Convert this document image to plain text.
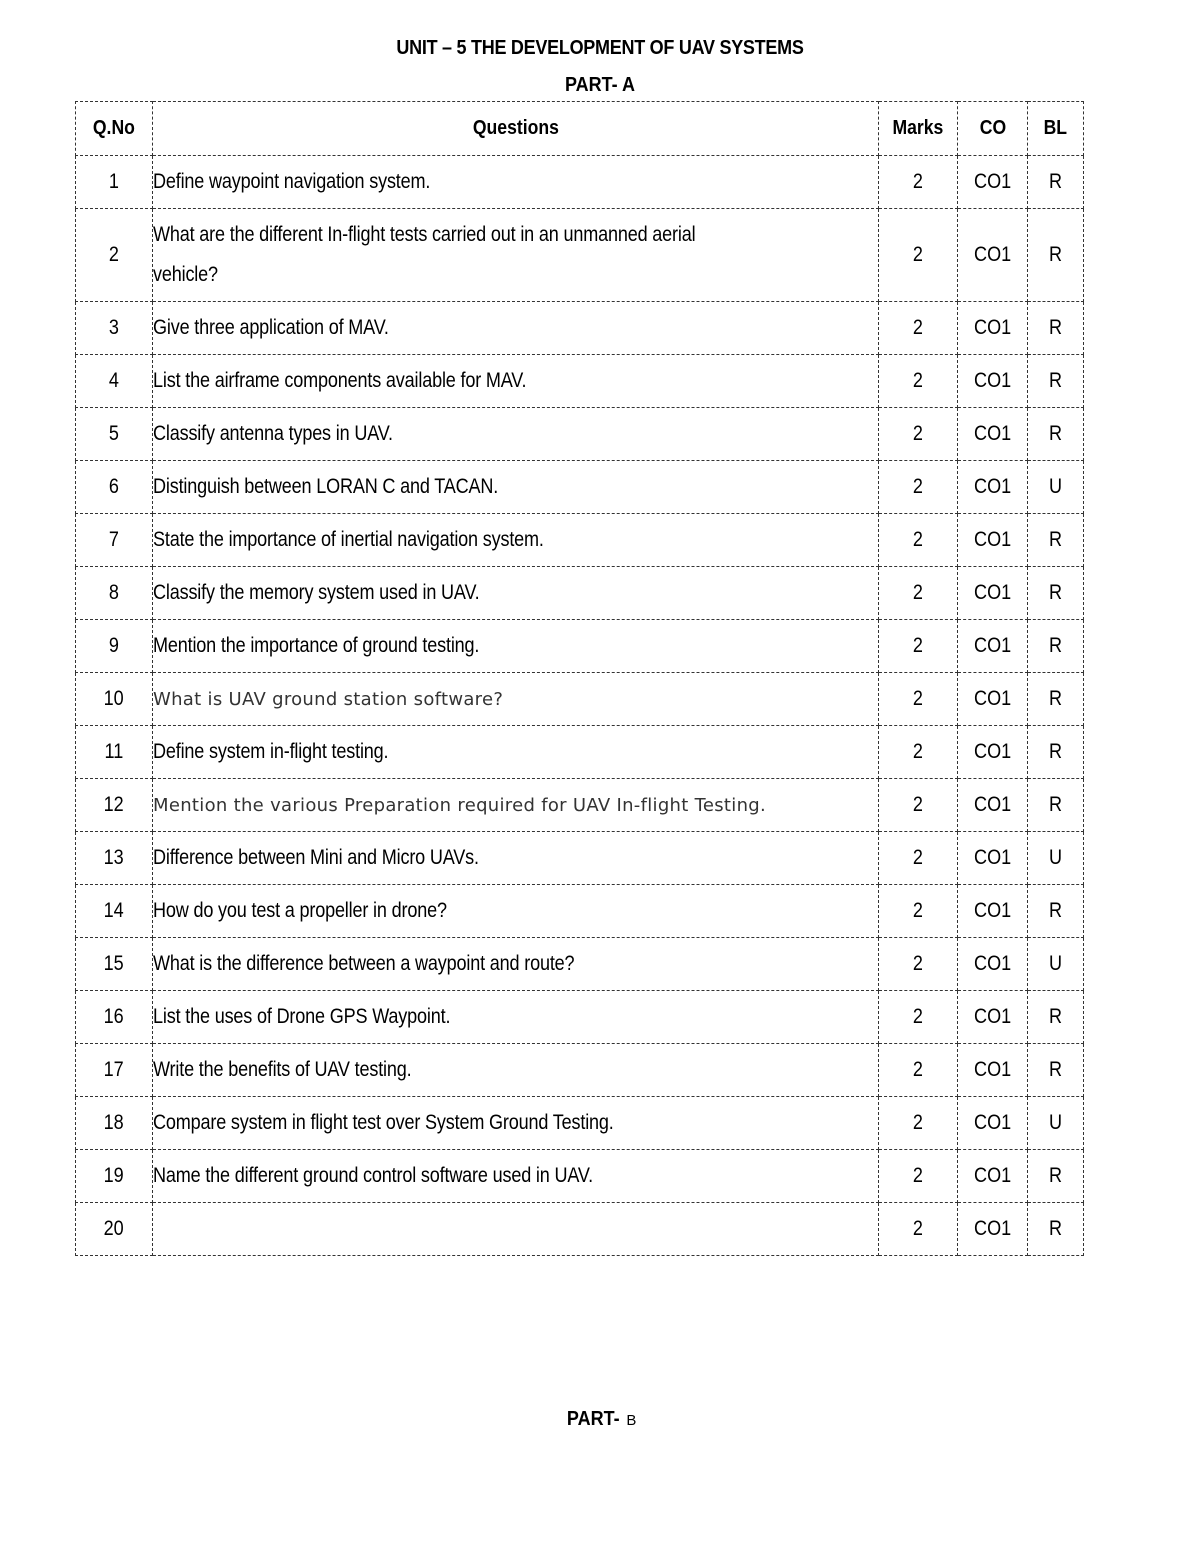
UNIT – 5 THE DEVELOPMENT OF UAV SYSTEMS
PART- A
Q.No	Questions	Marks	CO	BL
1	Define waypoint navigation system.	2	CO1	R
2	What are the different In-flight tests carried out in an unmanned aerial
vehicle?	2	CO1	R
3	Give three application of MAV.	2	CO1	R
4	List the airframe components available for MAV.	2	CO1	R
5	Classify antenna types in UAV.	2	CO1	R
6	Distinguish between LORAN C and TACAN.	2	CO1	U
7	State the importance of inertial navigation system.	2	CO1	R
8	Classify the memory system used in UAV.	2	CO1	R
9	Mention the importance of ground testing.	2	CO1	R
10	What is UAV ground station software?	2	CO1	R
11	Define system in-flight testing.	2	CO1	R
12	Mention the various Preparation required for UAV In-flight Testing.	2	CO1	R
13	Difference between Mini and Micro UAVs.	2	CO1	U
14	How do you test a propeller in drone?	2	CO1	R
15	What is the difference between a waypoint and route?	2	CO1	U
16	List the uses of Drone GPS Waypoint.	2	CO1	R
17	Write the benefits of UAV testing.	2	CO1	R
18	Compare system in flight test over System Ground Testing.	2	CO1	U
19	Name the different ground control software used in UAV.	2	CO1	R
20		2	CO1	R
PART- B
